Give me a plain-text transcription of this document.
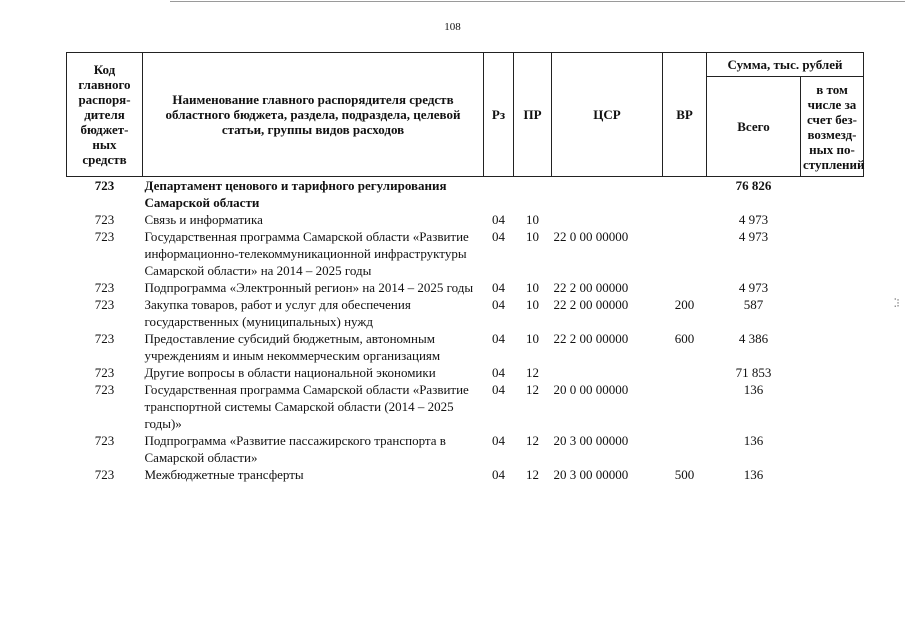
108
⁚⁝
Код главного распоря- дителя бюджет- ных средств	Наименование главного распорядителя средств областного бюджета, раздела, подраздела, целевой статьи, группы видов расходов	Рз	ПР	ЦСР	ВР	Сумма, тыс. рублей	
						Всего	в том числе за счет без- возмезд- ных по- ступлений
723	Департамент ценового и тарифного регулирования Самарской области					76 826	
723	Связь и информатика	04	10			4 973	
723	Государственная программа Самарской области «Развитие информационно-телекоммуникационной инфраструктуры Самарской области» на 2014 – 2025 годы	04	10	22 0 00 00000		4 973	
723	Подпрограмма «Электронный регион» на 2014 – 2025 годы	04	10	22 2 00 00000		4 973	
723	Закупка товаров, работ и услуг для обеспечения государственных (муниципальных) нужд	04	10	22 2 00 00000	200	587	
723	Предоставление субсидий бюджетным, автономным учреждениям и иным некоммерческим организациям	04	10	22 2 00 00000	600	4 386	
723	Другие вопросы в области национальной экономики	04	12			71 853	
723	Государственная программа Самарской области «Развитие транспортной системы Самарской области (2014 – 2025 годы)»	04	12	20 0 00 00000		136	
723	Подпрограмма «Развитие пассажирского транспорта в Самарской области»	04	12	20 3 00 00000		136	
723	Межбюджетные трансферты	04	12	20 3 00 00000	500	136	
